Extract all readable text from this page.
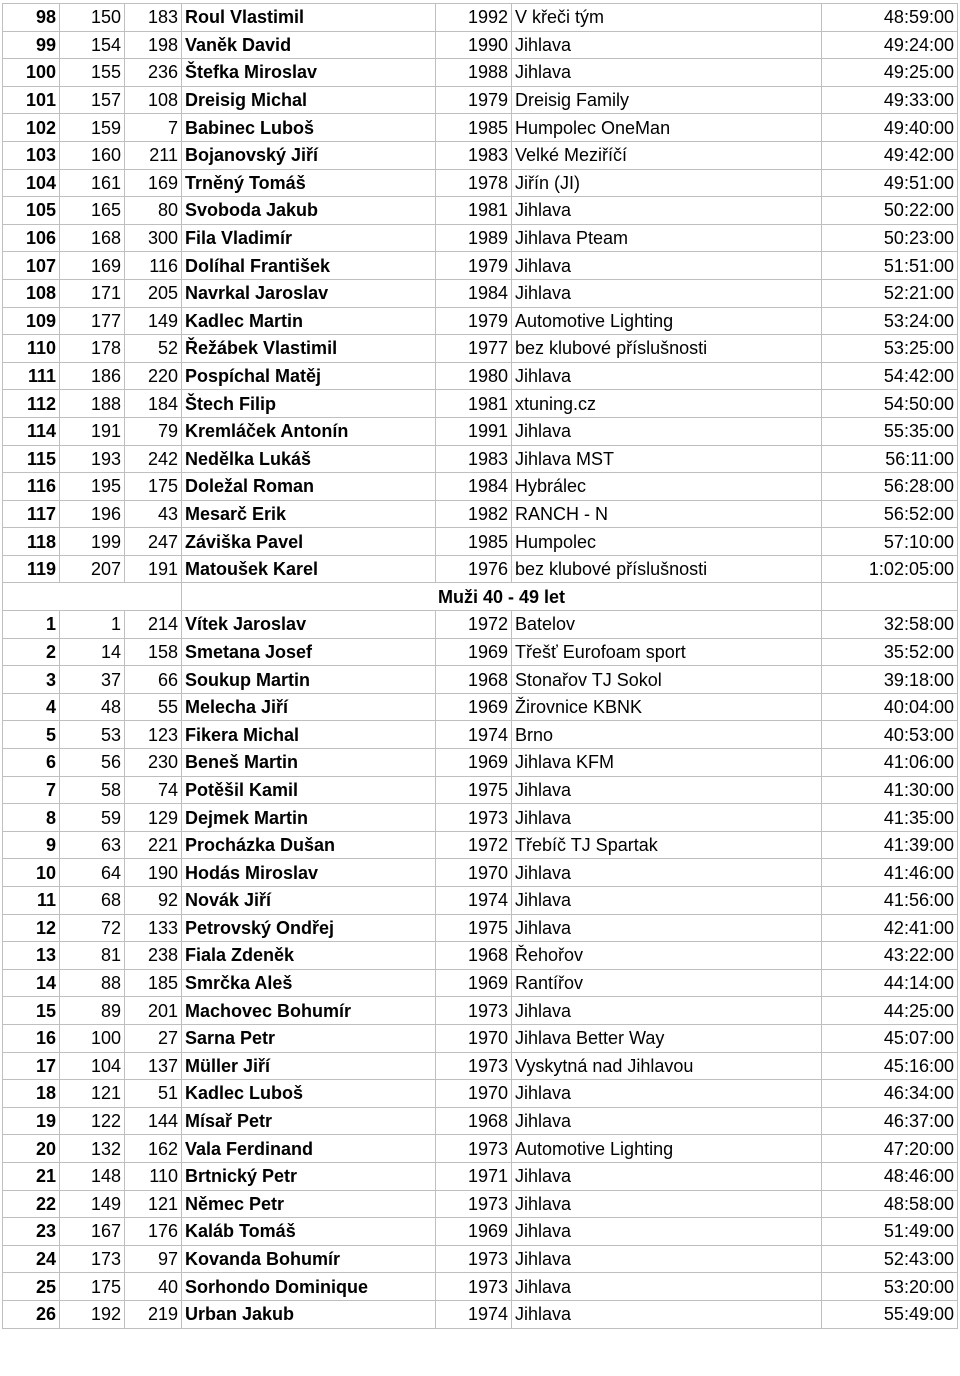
98	150	183	Roul Vlastimil	1992	V křeči tým	48:59:00
99	154	198	Vaněk David	1990	Jihlava	49:24:00
100	155	236	Štefka Miroslav	1988	Jihlava	49:25:00
101	157	108	Dreisig Michal	1979	Dreisig Family	49:33:00
102	159	7	Babinec Luboš	1985	Humpolec OneMan	49:40:00
103	160	211	Bojanovský Jiří	1983	Velké Meziříčí	49:42:00
104	161	169	Trněný Tomáš	1978	Jiřín (JI)	49:51:00
105	165	80	Svoboda Jakub	1981	Jihlava	50:22:00
106	168	300	Fila Vladimír	1989	Jihlava Pteam	50:23:00
107	169	116	Dolíhal František	1979	Jihlava	51:51:00
108	171	205	Navrkal Jaroslav	1984	Jihlava	52:21:00
109	177	149	Kadlec Martin	1979	Automotive Lighting	53:24:00
110	178	52	Řežábek Vlastimil	1977	bez klubové příslušnosti	53:25:00
111	186	220	Pospíchal Matěj	1980	Jihlava	54:42:00
112	188	184	Štech Filip	1981	xtuning.cz	54:50:00
114	191	79	Kremláček Antonín	1991	Jihlava	55:35:00
115	193	242	Nedělka Lukáš	1983	Jihlava MST	56:11:00
116	195	175	Doležal Roman	1984	Hybrálec	56:28:00
117	196	43	Mesarč Erik	1982	RANCH - N	56:52:00
118	199	247	Záviška Pavel	1985	Humpolec	57:10:00
119	207	191	Matoušek Karel	1976	bez klubové příslušnosti	1:02:05:00
			Muži 40 - 49 let			
1	1	214	Vítek Jaroslav	1972	Batelov	32:58:00
2	14	158	Smetana Josef	1969	Třešť Eurofoam sport	35:52:00
3	37	66	Soukup Martin	1968	Stonařov TJ Sokol	39:18:00
4	48	55	Melecha Jiří	1969	Žirovnice KBNK	40:04:00
5	53	123	Fikera Michal	1974	Brno	40:53:00
6	56	230	Beneš Martin	1969	Jihlava KFM	41:06:00
7	58	74	Potěšil Kamil	1975	Jihlava	41:30:00
8	59	129	Dejmek Martin	1973	Jihlava	41:35:00
9	63	221	Procházka Dušan	1972	Třebíč TJ Spartak	41:39:00
10	64	190	Hodás Miroslav	1970	Jihlava	41:46:00
11	68	92	Novák Jiří	1974	Jihlava	41:56:00
12	72	133	Petrovský Ondřej	1975	Jihlava	42:41:00
13	81	238	Fiala Zdeněk	1968	Řehořov	43:22:00
14	88	185	Smrčka Aleš	1969	Rantířov	44:14:00
15	89	201	Machovec Bohumír	1973	Jihlava	44:25:00
16	100	27	Sarna Petr	1970	Jihlava Better Way	45:07:00
17	104	137	Müller Jiří	1973	Vyskytná nad Jihlavou	45:16:00
18	121	51	Kadlec Luboš	1970	Jihlava	46:34:00
19	122	144	Mísař Petr	1968	Jihlava	46:37:00
20	132	162	Vala Ferdinand	1973	Automotive Lighting	47:20:00
21	148	110	Brtnický Petr	1971	Jihlava	48:46:00
22	149	121	Němec Petr	1973	Jihlava	48:58:00
23	167	176	Kaláb Tomáš	1969	Jihlava	51:49:00
24	173	97	Kovanda Bohumír	1973	Jihlava	52:43:00
25	175	40	Sorhondo Dominique	1973	Jihlava	53:20:00
26	192	219	Urban Jakub	1974	Jihlava	55:49:00
